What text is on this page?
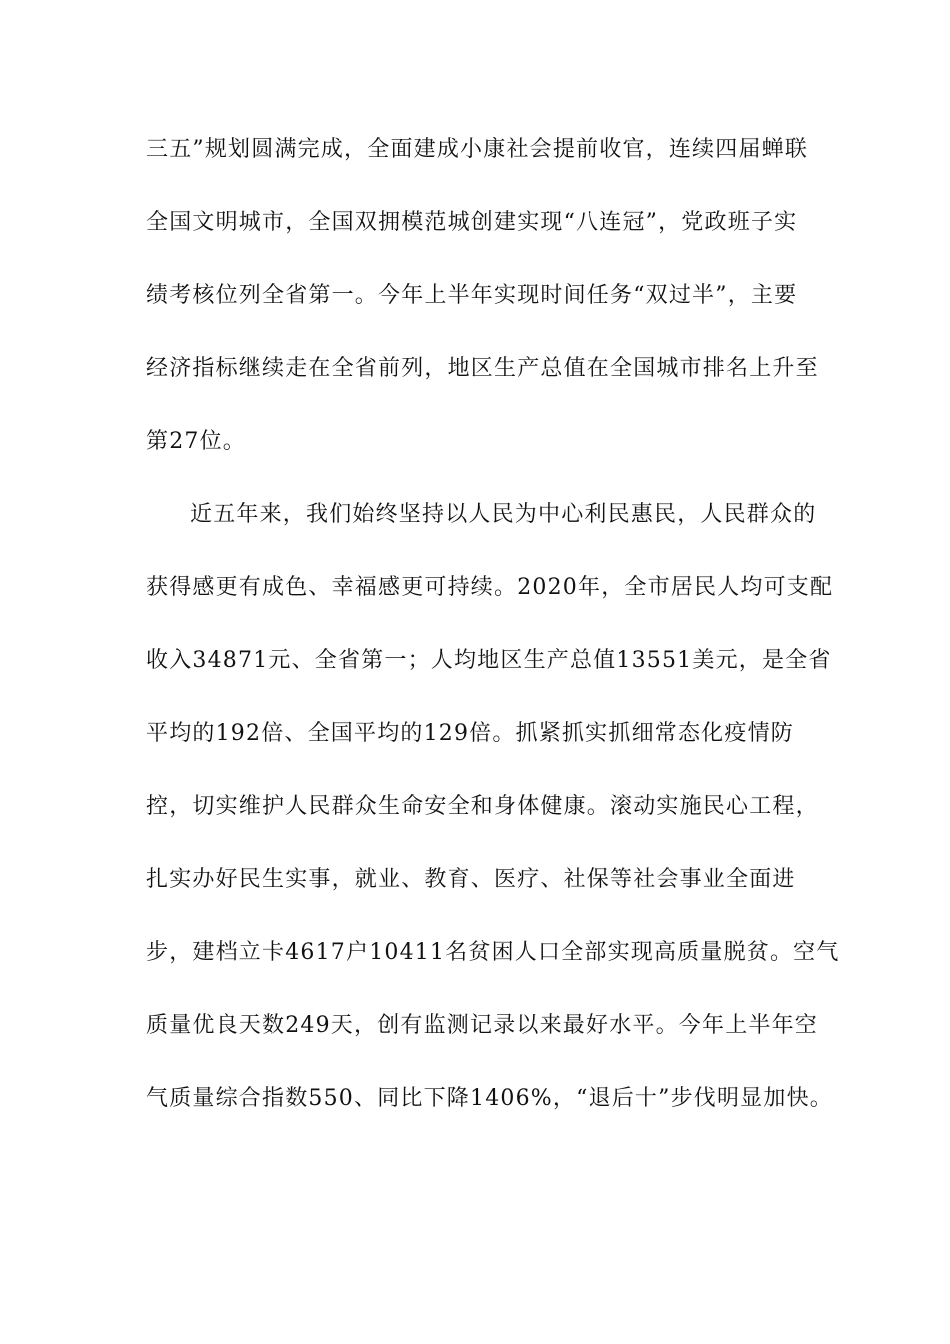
三五”规划圆满完成，全面建成小康社会提前收官，连续四届蝉联
全国文明城市，全国双拥模范城创建实现“八连冠”，党政班子实
绩考核位列全省第一。今年上半年实现时间任务“双过半”，主要
经济指标继续走在全省前列，地区生产总值在全国城市排名上升至
第27位。
近五年来，我们始终坚持以人民为中心利民惠民，人民群众的
获得感更有成色、幸福感更可持续。2020年，全市居民人均可支配
收入34871元、全省第一；人均地区生产总值13551美元，是全省
平均的192倍、全国平均的129倍。抓紧抓实抓细常态化疫情防
控，切实维护人民群众生命安全和身体健康。滚动实施民心工程，
扎实办好民生实事，就业、教育、医疗、社保等社会事业全面进
步，建档立卡4617户10411名贫困人口全部实现高质量脱贫。空气
质量优良天数249天，创有监测记录以来最好水平。今年上半年空
气质量综合指数550、同比下降1406%，“退后十”步伐明显加快。
